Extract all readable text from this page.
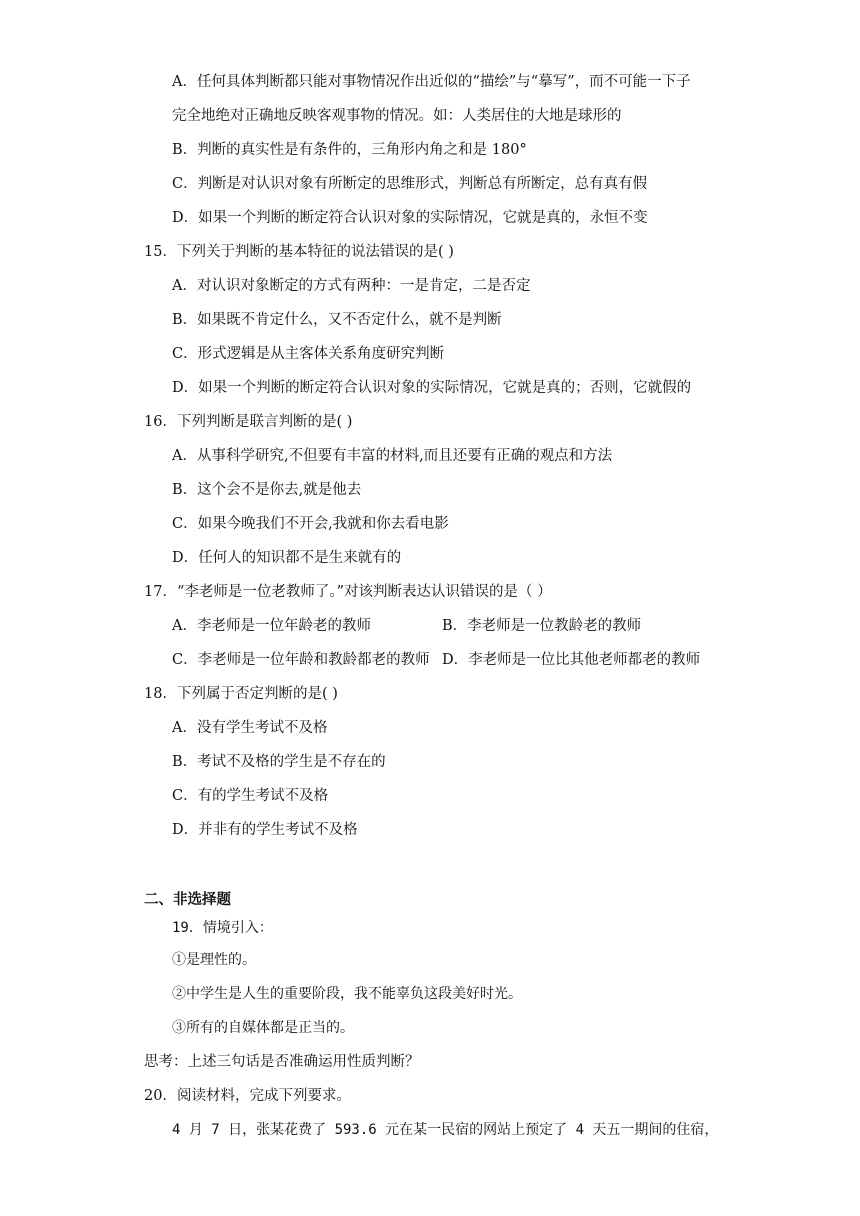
A．任何具体判断都只能对事物情况作出近似的“描绘”与“摹写”，而不可能一下子
完全地绝对正确地反映客观事物的情况。如：人类居住的大地是球形的
B．判断的真实性是有条件的，三角形内角之和是 180°
C．判断是对认识对象有所断定的思维形式，判断总有所断定，总有真有假
D．如果一个判断的断定符合认识对象的实际情况，它就是真的，永恒不变
15．下列关于判断的基本特征的说法错误的是( )
A．对认识对象断定的方式有两种：一是肯定，二是否定
B．如果既不肯定什么，又不否定什么，就不是判断
C．形式逻辑是从主客体关系角度研究判断
D．如果一个判断的断定符合认识对象的实际情况，它就是真的；否则，它就假的
16．下列判断是联言判断的是( )
A．从事科学研究,不但要有丰富的材料,而且还要有正确的观点和方法
B．这个会不是你去,就是他去
C．如果今晚我们不开会,我就和你去看电影
D．任何人的知识都不是生来就有的
17．“李老师是一位老教师了。”对该判断表达认识错误的是（ ）
A．李老师是一位年龄老的教师	B．李老师是一位教龄老的教师
C．李老师是一位年龄和教龄都老的教师 D．李老师是一位比其他老师都老的教师
18．下列属于否定判断的是( )
A．没有学生考试不及格
B．考试不及格的学生是不存在的
C．有的学生考试不及格
D．并非有的学生考试不及格
二、非选择题
19．情境引入：
①是理性的。
②中学生是人生的重要阶段，我不能辜负这段美好时光。
③所有的自媒体都是正当的。
思考：上述三句话是否准确运用性质判断？
20．阅读材料，完成下列要求。
4 月 7 日，张某花费了 593.6 元在某一民宿的网站上预定了 4 天五一期间的住宿，
